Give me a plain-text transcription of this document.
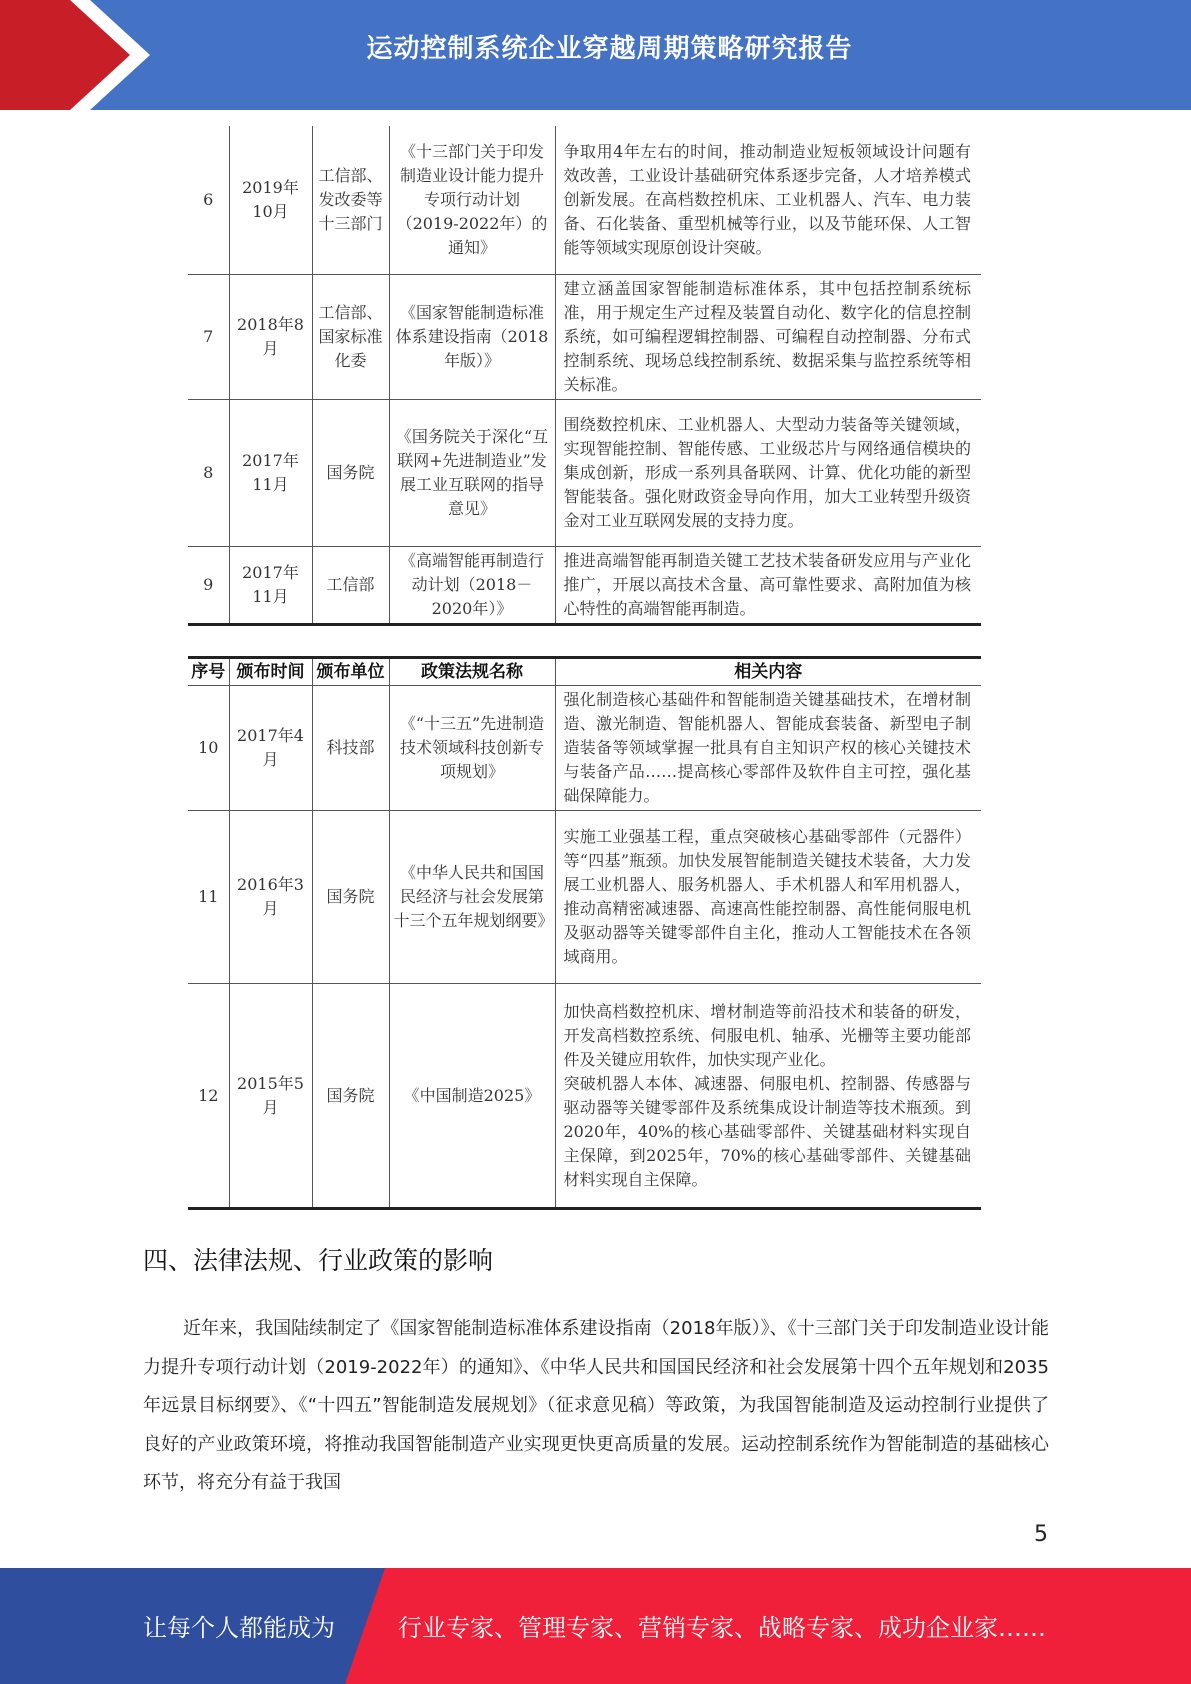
运动控制系统企业穿越周期策略研究报告
6	2019年10月	工信部、发改委等十三部门	《十三部门关于印发制造业设计能力提升专项行动计划（2019-2022年）的通知》	争取用4年左右的时间，推动制造业短板领域设计问题有效改善，工业设计基础研究体系逐步完备，人才培养模式创新发展。在高档数控机床、工业机器人、汽车、电力装备、石化装备、重型机械等行业，以及节能环保、人工智能等领域实现原创设计突破。
7	2018年8月	工信部、国家标准化委	《国家智能制造标准体系建设指南（2018年版）》	建立涵盖国家智能制造标准体系，其中包括控制系统标准，用于规定生产过程及装置自动化、数字化的信息控制系统，如可编程逻辑控制器、可编程自动控制器、分布式控制系统、现场总线控制系统、数据采集与监控系统等相关标准。
8	2017年11月	国务院	《国务院关于深化“互联网+先进制造业”发展工业互联网的指导意见》	围绕数控机床、工业机器人、大型动力装备等关键领域，实现智能控制、智能传感、工业级芯片与网络通信模块的集成创新，形成一系列具备联网、计算、优化功能的新型智能装备。强化财政资金导向作用，加大工业转型升级资金对工业互联网发展的支持力度。
9	2017年11月	工信部	《高端智能再制造行动计划（2018－2020年）》	推进高端智能再制造关键工艺技术装备研发应用与产业化推广，开展以高技术含量、高可靠性要求、高附加值为核心特性的高端智能再制造。
序号	颁布时间	颁布单位	政策法规名称	相关内容
10	2017年4月	科技部	《“十三五”先进制造技术领域科技创新专项规划》	强化制造核心基础件和智能制造关键基础技术，在增材制造、激光制造、智能机器人、智能成套装备、新型电子制造装备等领域掌握一批具有自主知识产权的核心关键技术与装备产品……提高核心零部件及软件自主可控，强化基础保障能力。
11	2016年3月	国务院	《中华人民共和国国民经济与社会发展第十三个五年规划纲要》	实施工业强基工程，重点突破核心基础零部件（元器件）等“四基”瓶颈。加快发展智能制造关键技术装备，大力发展工业机器人、服务机器人、手术机器人和军用机器人，推动高精密减速器、高速高性能控制器、高性能伺服电机及驱动器等关键零部件自主化，推动人工智能技术在各领域商用。
12	2015年5月	国务院	《中国制造2025》	加快高档数控机床、增材制造等前沿技术和装备的研发，开发高档数控系统、伺服电机、轴承、光栅等主要功能部件及关键应用软件，加快实现产业化。
突破机器人本体、减速器、伺服电机、控制器、传感器与驱动器等关键零部件及系统集成设计制造等技术瓶颈。到2020年，40%的核心基础零部件、关键基础材料实现自主保障，到2025年，70%的核心基础零部件、关键基础材料实现自主保障。
四、法律法规、行业政策的影响

近年来，我国陆续制定了《国家智能制造标准体系建设指南（2018年版）》、《十三部门关于印发制造业设计能力提升专项行动计划（2019-2022年）的通知》、《中华人民共和国国民经济和社会发展第十四个五年规划和2035年远景目标纲要》、《“十四五”智能制造发展规划》（征求意见稿）等政策，为我国智能制造及运动控制行业提供了良好的产业政策环境，将推动我国智能制造产业实现更快更高质量的发展。运动控制系统作为智能制造的基础核心环节，将充分有益于我国

5
让每个人都能成为	行业专家、管理专家、营销专家、战略专家、成功企业家……
